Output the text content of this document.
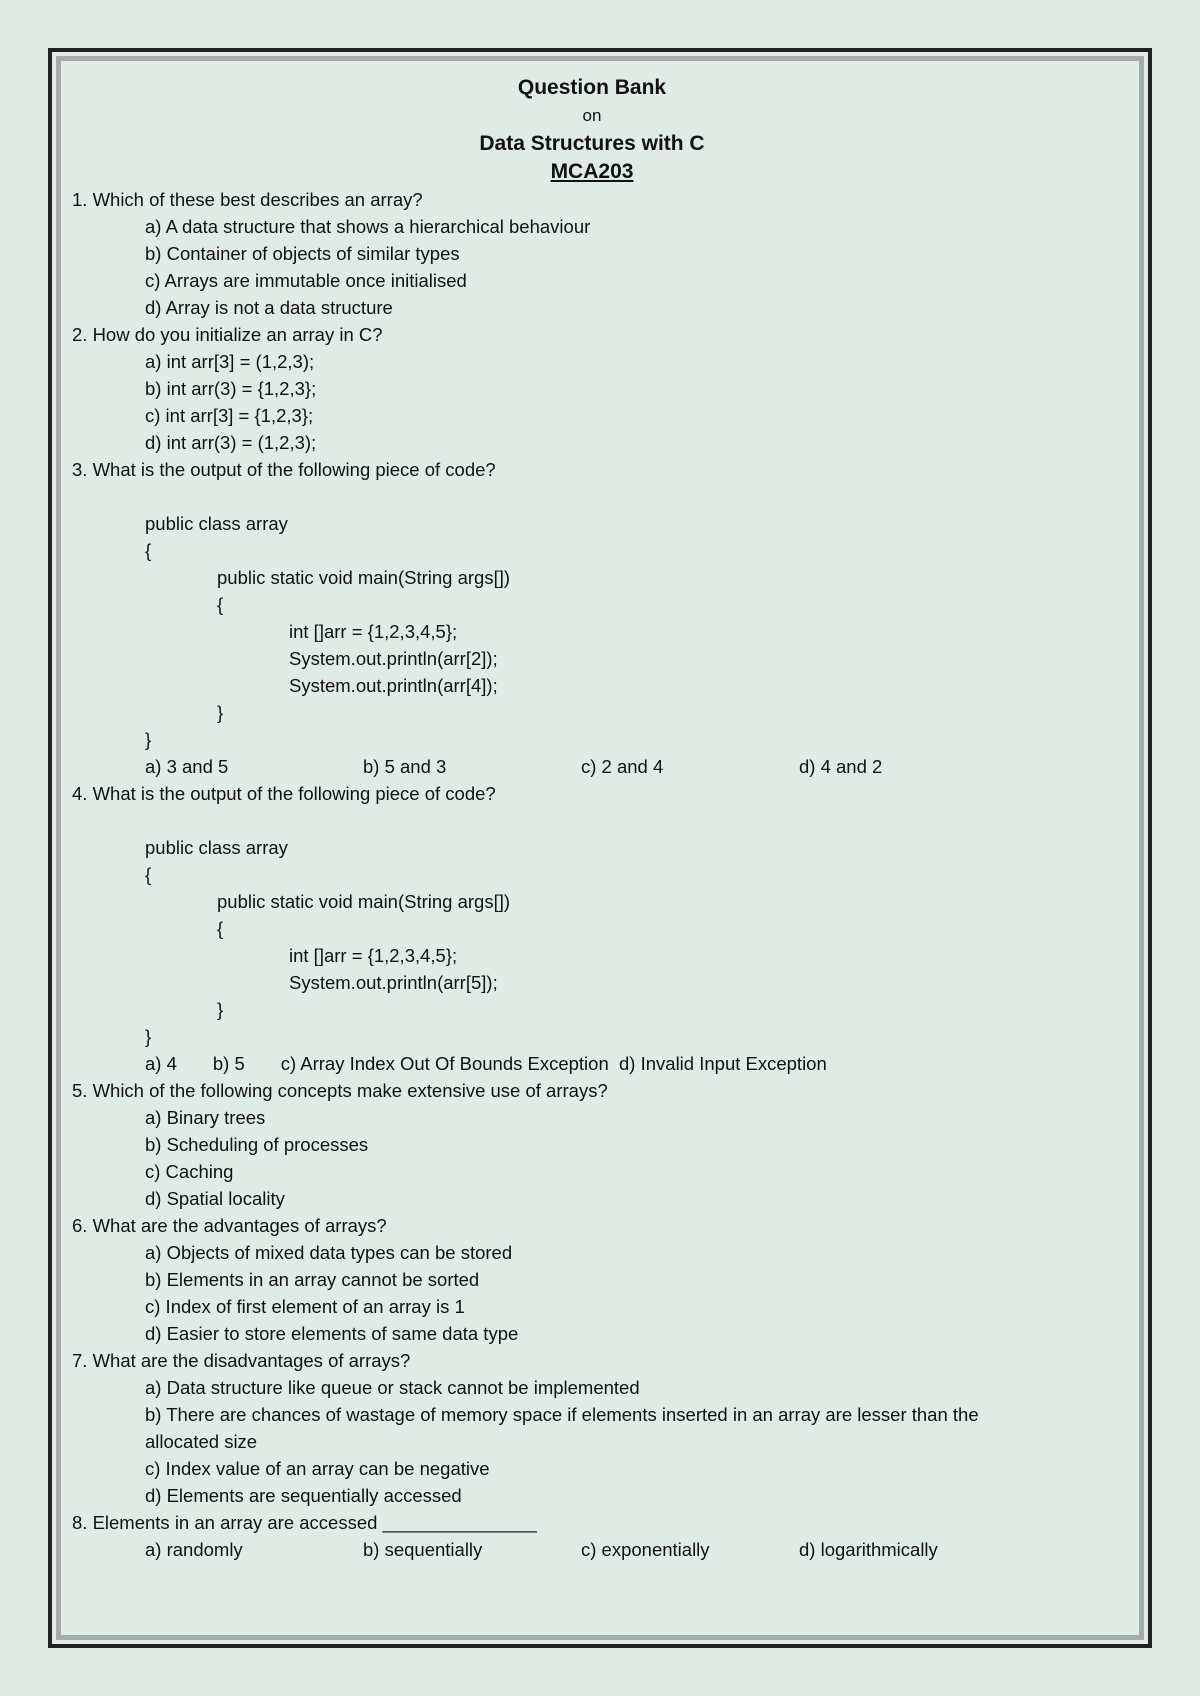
Question Bank
on
Data Structures with C
MCA203
1. Which of these best describes an array?
a) A data structure that shows a hierarchical behaviour
b) Container of objects of similar types
c) Arrays are immutable once initialised
d) Array is not a data structure
2. How do you initialize an array in C?
a) int arr[3] = (1,2,3);
b) int arr(3) = {1,2,3};
c) int arr[3] = {1,2,3};
d) int arr(3) = (1,2,3);
3. What is the output of the following piece of code?
public class array
{
public static void main(String args[])
{
int []arr = {1,2,3,4,5};
System.out.println(arr[2]);
System.out.println(arr[4]);
}
}
a) 3 and 5	b) 5 and 3	c) 2 and 4	d) 4 and 2
4. What is the output of the following piece of code?
public class array
{
public static void main(String args[])
{
int []arr = {1,2,3,4,5};
System.out.println(arr[5]);
}
}
a) 4       b) 5       c) Array Index Out Of Bounds Exception  d) Invalid Input Exception
5. Which of the following concepts make extensive use of arrays?
a) Binary trees
b) Scheduling of processes
c) Caching
d) Spatial locality
6. What are the advantages of arrays?
a) Objects of mixed data types can be stored
b) Elements in an array cannot be sorted
c) Index of first element of an array is 1
d) Easier to store elements of same data type
7. What are the disadvantages of arrays?
a) Data structure like queue or stack cannot be implemented
b) There are chances of wastage of memory space if elements inserted in an array are lesser than the allocated size
c) Index value of an array can be negative
d) Elements are sequentially accessed
8. Elements in an array are accessed _______________
a) randomly	b) sequentially	c) exponentially	d) logarithmically
